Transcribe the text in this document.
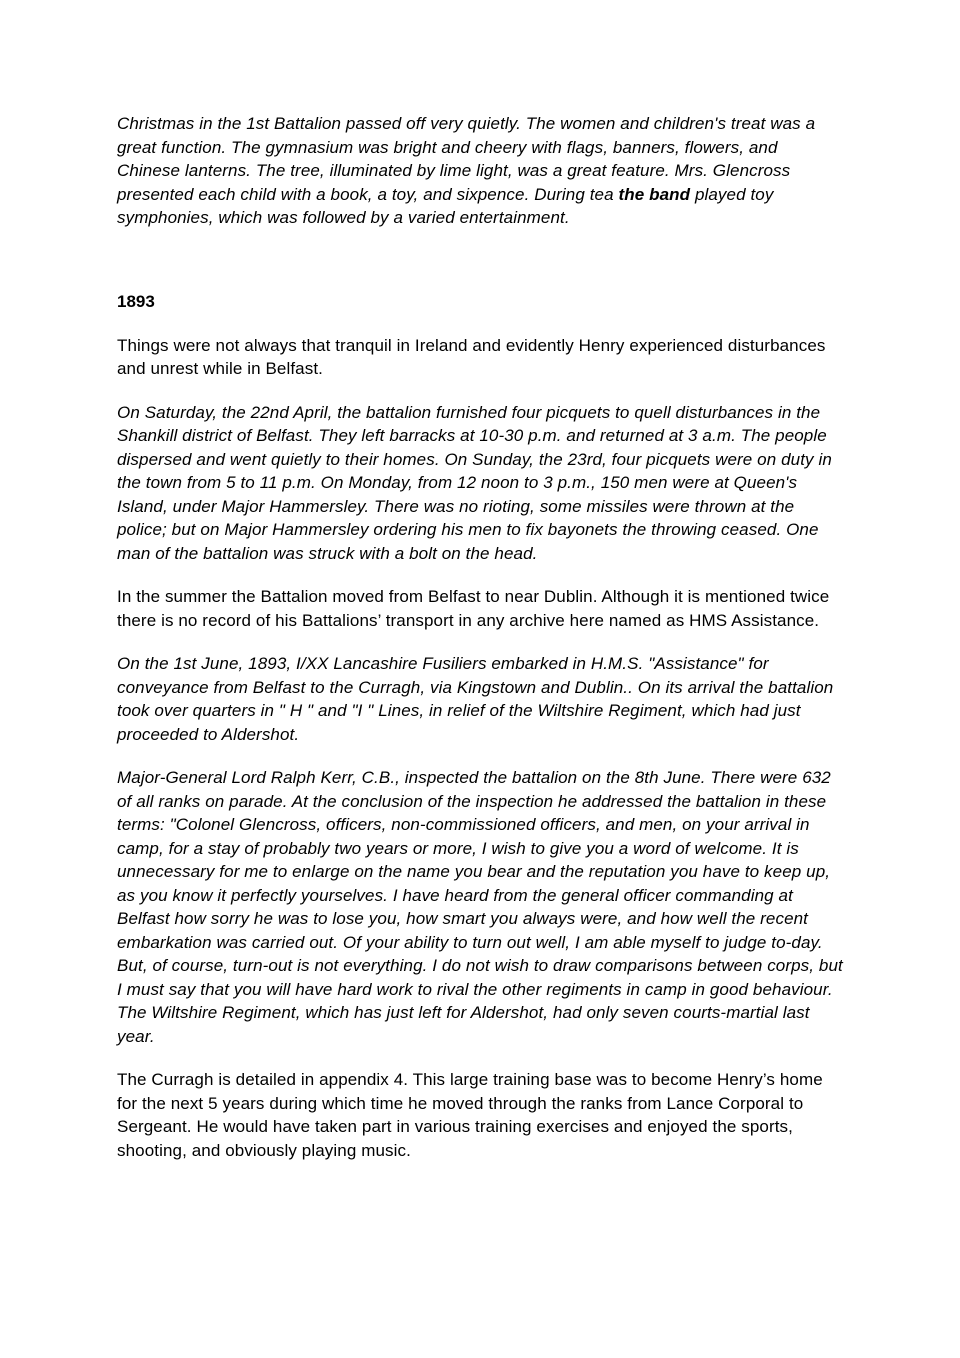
Christmas in the 1st Battalion passed off very quietly. The women and children's treat was a great function. The gymnasium was bright and cheery with flags, banners, flowers, and Chinese lanterns. The tree, illuminated by lime light, was a great feature. Mrs. Glencross presented each child with a book, a toy, and sixpence. During tea the band played toy symphonies, which was followed by a varied entertainment.

1893

Things were not always that tranquil in Ireland and evidently Henry experienced disturbances and unrest while in Belfast.

On Saturday, the 22nd April, the battalion furnished four picquets to quell disturbances in the Shankill district of Belfast. They left barracks at 10-30 p.m. and returned at 3 a.m. The people dispersed and went quietly to their homes. On Sunday, the 23rd, four picquets were on duty in the town from 5 to 11 p.m. On Monday, from 12 noon to 3 p.m., 150 men were at Queen's Island, under Major Hammersley. There was no rioting, some missiles were thrown at the police; but on Major Hammersley ordering his men to fix bayonets the throwing ceased. One man of the battalion was struck with a bolt on the head.

In the summer the Battalion moved from Belfast to near Dublin. Although it is mentioned twice there is no record of his Battalions’ transport in any archive here named as HMS Assistance.

On the 1st June, 1893, I/XX Lancashire Fusiliers embarked in H.M.S. "Assistance" for conveyance from Belfast to the Curragh, via Kingstown and Dublin.. On its arrival the battalion took over quarters in " H " and "I " Lines, in relief of the Wiltshire Regiment, which had just proceeded to Aldershot.

Major-General Lord Ralph Kerr, C.B., inspected the battalion on the 8th June. There were 632 of all ranks on parade. At the conclusion of the inspection he addressed the battalion in these terms: "Colonel Glencross, officers, non-commissioned officers, and men, on your arrival in camp, for a stay of probably two years or more, I wish to give you a word of welcome. It is unnecessary for me to enlarge on the name you bear and the reputation you have to keep up, as you know it perfectly yourselves. I have heard from the general officer commanding at Belfast how sorry he was to lose you, how smart you always were, and how well the recent embarkation was carried out. Of your ability to turn out well, I am able myself to judge to-day. But, of course, turn-out is not everything. I do not wish to draw comparisons between corps, but I must say that you will have hard work to rival the other regiments in camp in good behaviour. The Wiltshire Regiment, which has just left for Aldershot, had only seven courts-martial last year.

The Curragh is detailed in appendix 4. This large training base was to become Henry’s home for the next 5 years during which time he moved through the ranks from Lance Corporal to Sergeant. He would have taken part in various training exercises and enjoyed the sports, shooting, and obviously playing music.
